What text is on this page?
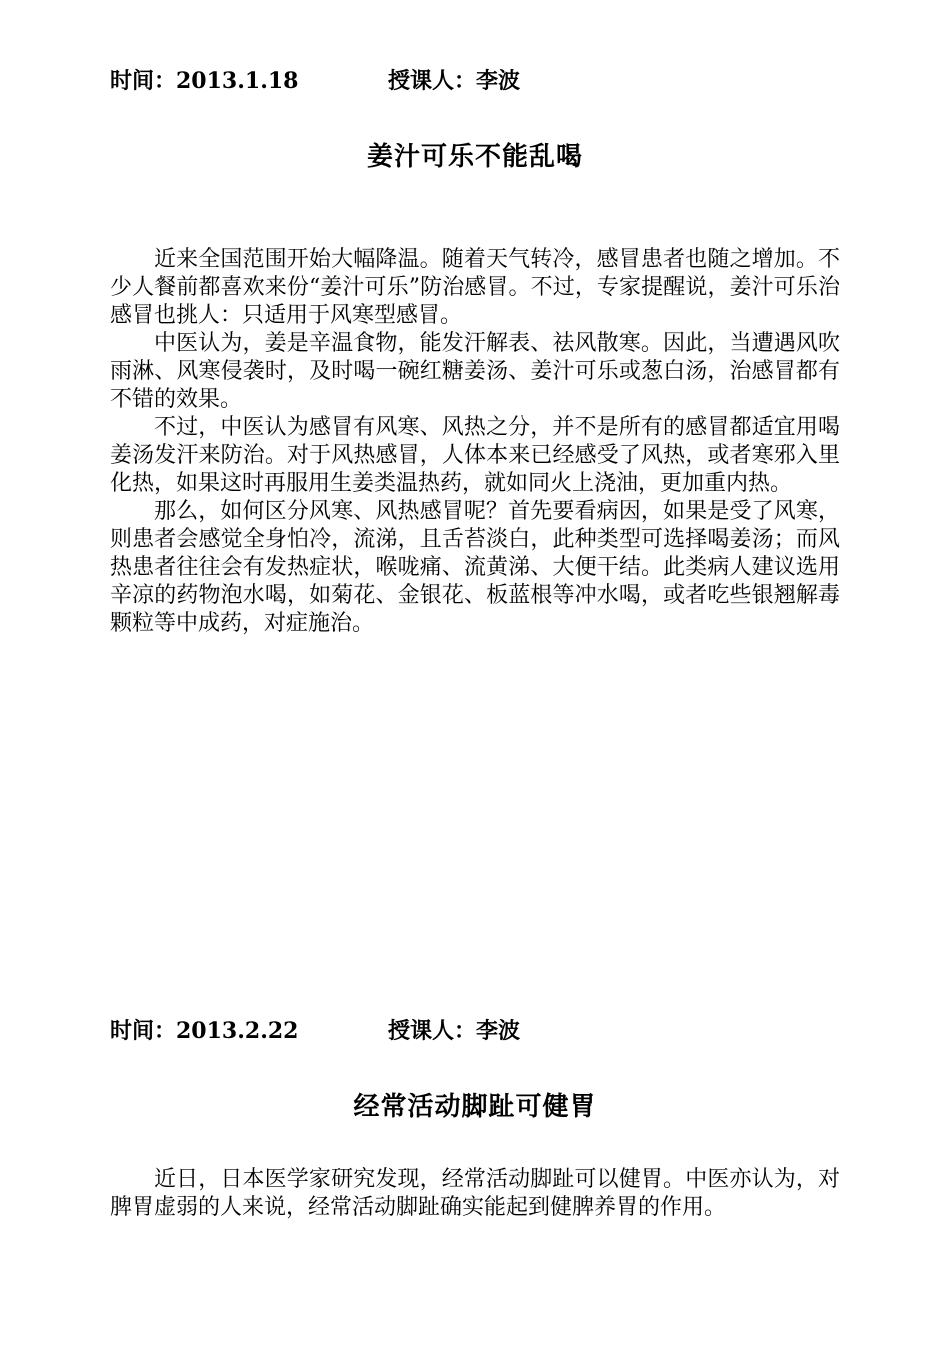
时间：2013.1.18	授课人：李波
姜汁可乐不能乱喝

近来全国范围开始大幅降温。随着天气转冷，感冒患者也随之增加。不少人餐前都喜欢来份“姜汁可乐”防治感冒。不过，专家提醒说，姜汁可乐治感冒也挑人：只适用于风寒型感冒。

中医认为，姜是辛温食物，能发汗解表、祛风散寒。因此，当遭遇风吹雨淋、风寒侵袭时，及时喝一碗红糖姜汤、姜汁可乐或葱白汤，治感冒都有不错的效果。

不过，中医认为感冒有风寒、风热之分，并不是所有的感冒都适宜用喝姜汤发汗来防治。对于风热感冒，人体本来已经感受了风热，或者寒邪入里化热，如果这时再服用生姜类温热药，就如同火上浇油，更加重内热。

那么，如何区分风寒、风热感冒呢？首先要看病因，如果是受了风寒，则患者会感觉全身怕冷，流涕，且舌苔淡白，此种类型可选择喝姜汤；而风热患者往往会有发热症状，喉咙痛、流黄涕、大便干结。此类病人建议选用辛凉的药物泡水喝，如菊花、金银花、板蓝根等冲水喝，或者吃些银翘解毒颗粒等中成药，对症施治。

时间：2013.2.22	授课人：李波
经常活动脚趾可健胃

近日，日本医学家研究发现，经常活动脚趾可以健胃。中医亦认为，对脾胃虚弱的人来说，经常活动脚趾确实能起到健脾养胃的作用。
